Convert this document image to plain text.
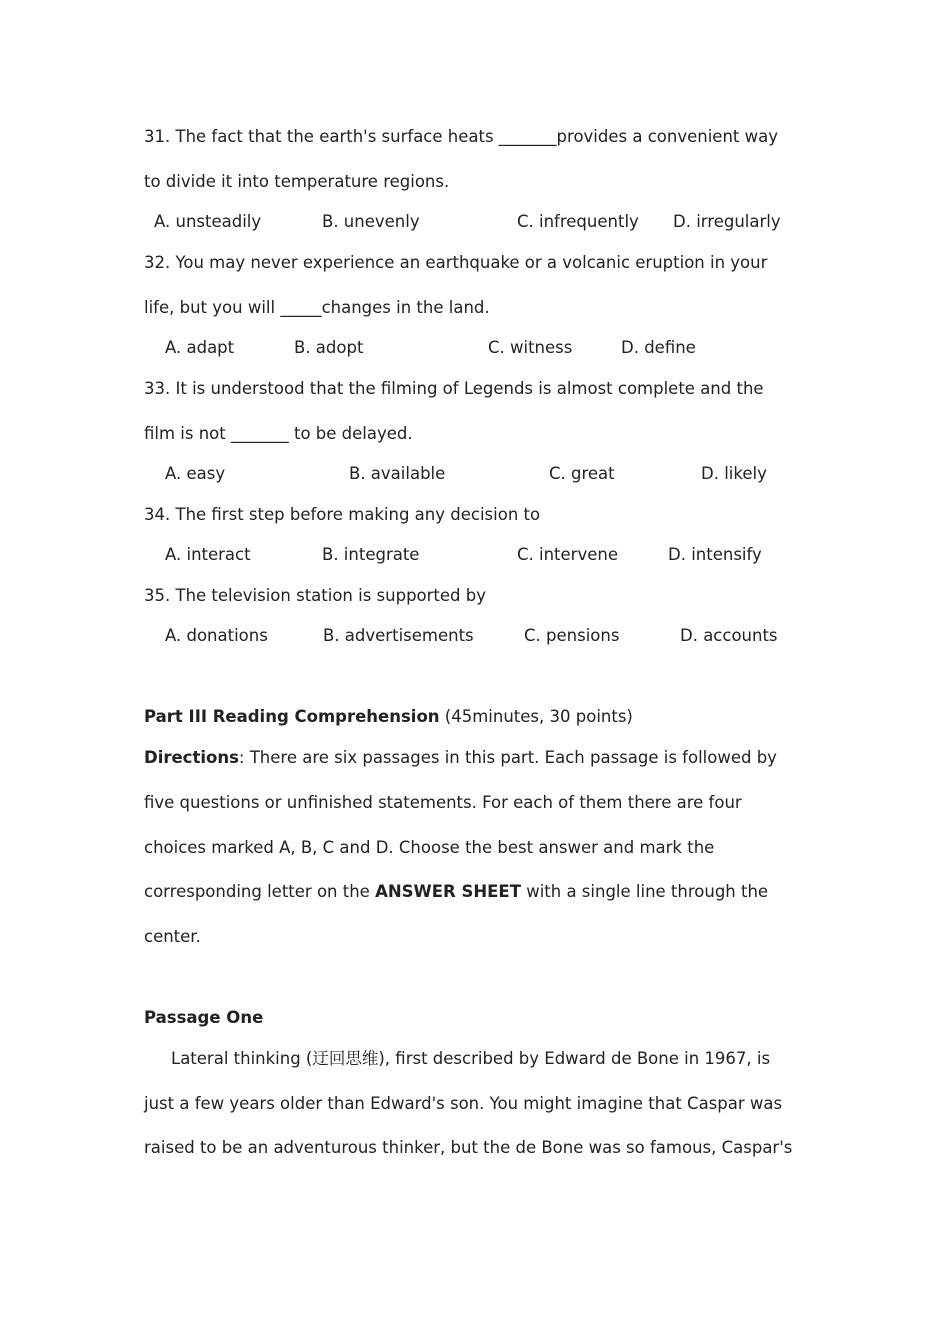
31. The fact that the earth's surface heats _______provides a convenient way
to divide it into temperature regions.
A. unsteadily	B. unevenly	C. infrequently D. irregularly
32. You may never experience an earthquake or a volcanic eruption in your
life, but you will _____changes in the land.
A. adapt	B. adopt	C. witness	D. define
33. It is understood that the filming of Legends is almost complete and the
film is not _______ to be delayed.
A. easy	B. available	C. great	D. likely
34. The first step before making any decision to
A. interact	B. integrate	C. intervene	D. intensify
35. The television station is supported by
A. donations	B. advertisements	C. pensions	D. accounts
Part III Reading Comprehension (45minutes, 30 points)
Directions: There are six passages in this part. Each passage is followed by
five questions or unfinished statements. For each of them there are four
choices marked A, B, C and D. Choose the best answer and mark the
corresponding letter on the ANSWER SHEET with a single line through the
center.
Passage One
Lateral thinking (迂回思维), first described by Edward de Bone in 1967, is
just a few years older than Edward's son. You might imagine that Caspar was
raised to be an adventurous thinker, but the de Bone was so famous, Caspar's
